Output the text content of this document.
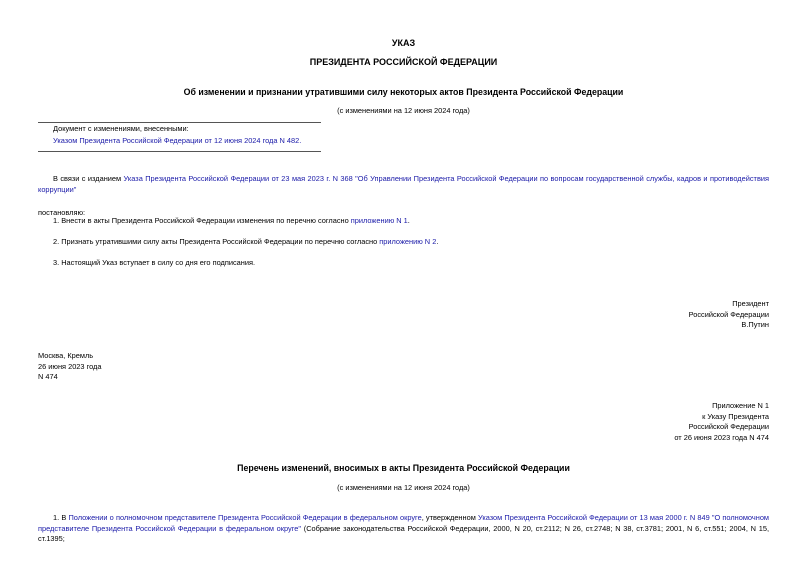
УКАЗ
ПРЕЗИДЕНТА РОССИЙСКОЙ ФЕДЕРАЦИИ
Об изменении и признании утратившими силу некоторых актов Президента Российской Федерации
(с изменениями на 12 июня 2024 года)
Документ с изменениями, внесенными:
Указом Президента Российской Федерации от 12 июня 2024 года N 482.
В связи с изданием Указа Президента Российской Федерации от 23 мая 2023 г. N 368 "Об Управлении Президента Российской Федерации по вопросам государственной службы, кадров и противодействия коррупции"
постановляю:
1. Внести в акты Президента Российской Федерации изменения по перечню согласно приложению N 1.
2. Признать утратившими силу акты Президента Российской Федерации по перечню согласно приложению N 2.
3. Настоящий Указ вступает в силу со дня его подписания.
Президент
Российской Федерации
В.Путин
Москва, Кремль
26 июня 2023 года
N 474
Приложение N 1
к Указу Президента
Российской Федерации
от 26 июня 2023 года N 474
Перечень изменений, вносимых в акты Президента Российской Федерации
(с изменениями на 12 июня 2024 года)
1. В Положении о полномочном представителе Президента Российской Федерации в федеральном округе, утвержденном Указом Президента Российской Федерации от 13 мая 2000 г. N 849 "О полномочном представителе Президента Российской Федерации в федеральном округе" (Собрание законодательства Российской Федерации, 2000, N 20, ст.2112; N 26, ст.2748; N 38, ст.3781; 2001, N 6, ст.551; 2004, N 15, ст.1395;
